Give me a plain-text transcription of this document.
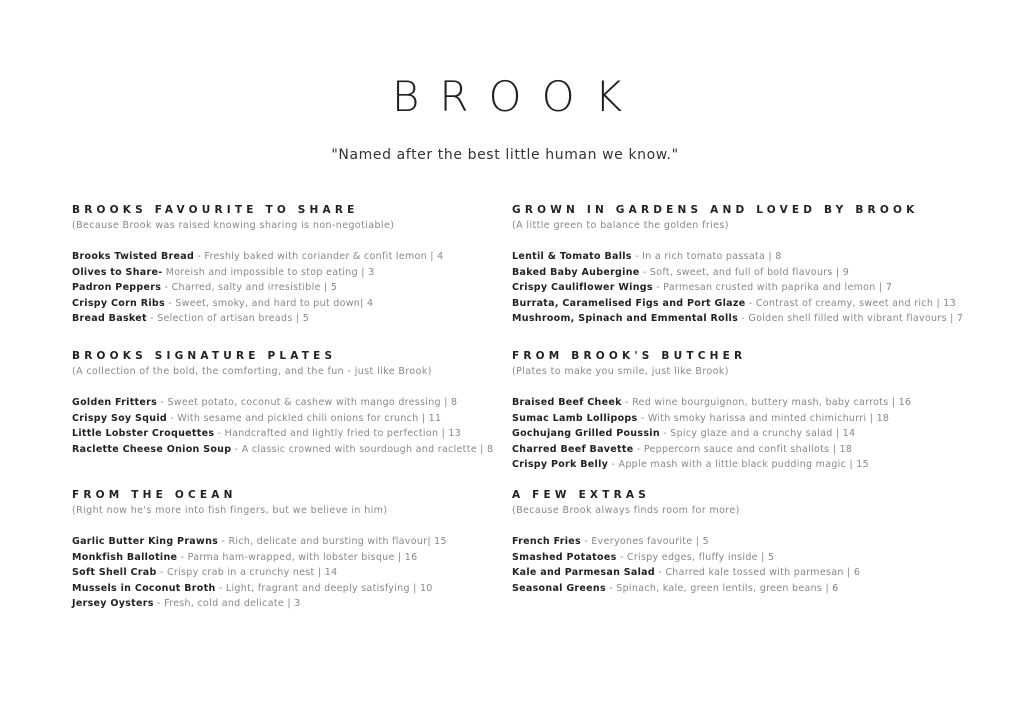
BROOK
"Named after the best little human we know."
BROOKS FAVOURITE TO SHARE
(Because Brook was raised knowing sharing is non-negotiable)
Brooks Twisted Bread - Freshly baked with coriander & confit lemon | 4
Olives to Share- Moreish and impossible to stop eating | 3
Padron Peppers - Charred, salty and irresistible | 5
Crispy Corn Ribs - Sweet, smoky, and hard to put down| 4
Bread Basket - Selection of artisan breads | 5
GROWN IN GARDENS AND LOVED BY BROOK
(A little green to balance the golden fries)
Lentil & Tomato Balls - In a rich tomato passata | 8
Baked Baby Aubergine - Soft, sweet, and full of bold flavours | 9
Crispy Cauliflower Wings - Parmesan crusted with paprika and lemon | 7
Burrata, Caramelised Figs and Port Glaze - Contrast of creamy, sweet and rich | 13
Mushroom, Spinach and Emmental Rolls - Golden shell filled with vibrant flavours | 7
BROOKS SIGNATURE PLATES
(A collection of the bold, the comforting, and the fun - just like Brook)
Golden Fritters - Sweet potato, coconut & cashew with mango dressing | 8
Crispy Soy Squid - With sesame and pickled chili onions for crunch | 11
Little Lobster Croquettes - Handcrafted and lightly fried to perfection | 13
Raclette Cheese Onion Soup - A classic crowned with sourdough and raclette | 8
FROM BROOK'S BUTCHER
(Plates to make you smile, just like Brook)
Braised Beef Cheek - Red wine bourguignon, buttery mash, baby carrots | 16
Sumac Lamb Lollipops - With smoky harissa and minted chimichurri | 18
Gochujang Grilled Poussin - Spicy glaze and a crunchy salad | 14
Charred Beef Bavette - Peppercorn sauce and confit shallots | 18
Crispy Pork Belly - Apple mash with a little black pudding magic | 15
FROM THE OCEAN
(Right now he's more into fish fingers, but we believe in him)
Garlic Butter King Prawns - Rich, delicate and bursting with flavour| 15
Monkfish Ballotine - Parma ham-wrapped, with lobster bisque | 16
Soft Shell Crab - Crispy crab in a crunchy nest | 14
Mussels in Coconut Broth - Light, fragrant and deeply satisfying | 10
Jersey Oysters - Fresh, cold and delicate | 3
A FEW EXTRAS
(Because Brook always finds room for more)
French Fries - Everyones favourite | 5
Smashed Potatoes - Crispy edges, fluffy inside | 5
Kale and Parmesan Salad - Charred kale tossed with parmesan | 6
Seasonal Greens - Spinach, kale, green lentils, green beans | 6
